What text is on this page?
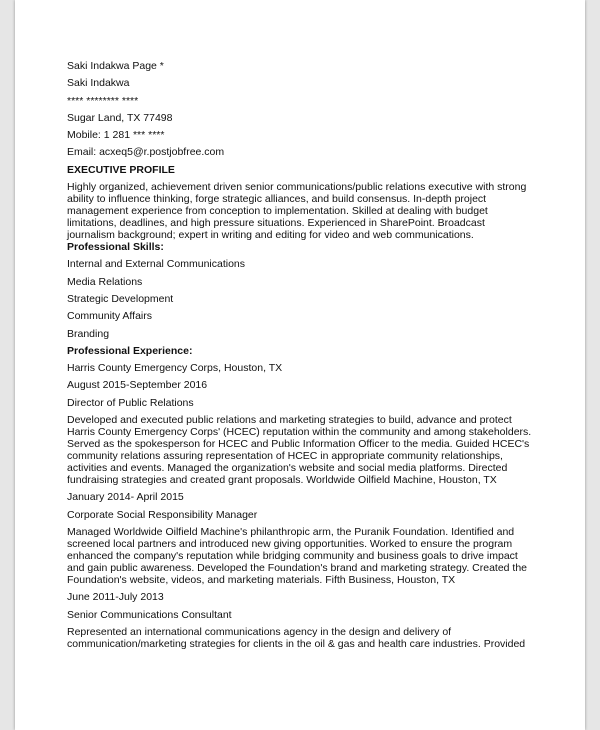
Saki Indakwa Page *
Saki Indakwa
**** ******** ****
Sugar Land, TX 77498
Mobile: 1 281 *** ****
Email: acxeq5@r.postjobfree.com
EXECUTIVE PROFILE
Highly organized, achievement driven senior communications/public relations executive with strong
ability to influence thinking, forge strategic alliances, and build consensus. In-depth project
management experience from conception to implementation. Skilled at dealing with budget
limitations, deadlines, and high pressure situations. Experienced in SharePoint. Broadcast
journalism background; expert in writing and editing for video and web communications.
Professional Skills:
Internal and External Communications
Media Relations
Strategic Development
Community Affairs
Branding
Professional Experience:
Harris County Emergency Corps, Houston, TX
August 2015-September 2016
Director of Public Relations
Developed and executed public relations and marketing strategies to build, advance and protect
Harris County Emergency Corps' (HCEC) reputation within the community and among stakeholders.
Served as the spokesperson for HCEC and Public Information Officer to the media. Guided HCEC's
community relations assuring representation of HCEC in appropriate community relationships,
activities and events. Managed the organization's website and social media platforms. Directed
fundraising strategies and created grant proposals. Worldwide Oilfield Machine, Houston, TX
January 2014- April 2015
Corporate Social Responsibility Manager
Managed Worldwide Oilfield Machine's philanthropic arm, the Puranik Foundation. Identified and
screened local partners and introduced new giving opportunities. Worked to ensure the program
enhanced the company's reputation while bridging community and business goals to drive impact
and gain public awareness. Developed the Foundation's brand and marketing strategy. Created the
Foundation's website, videos, and marketing materials. Fifth Business, Houston, TX
June 2011-July 2013
Senior Communications Consultant
Represented an international communications agency in the design and delivery of
communication/marketing strategies for clients in the oil & gas and health care industries. Provided
